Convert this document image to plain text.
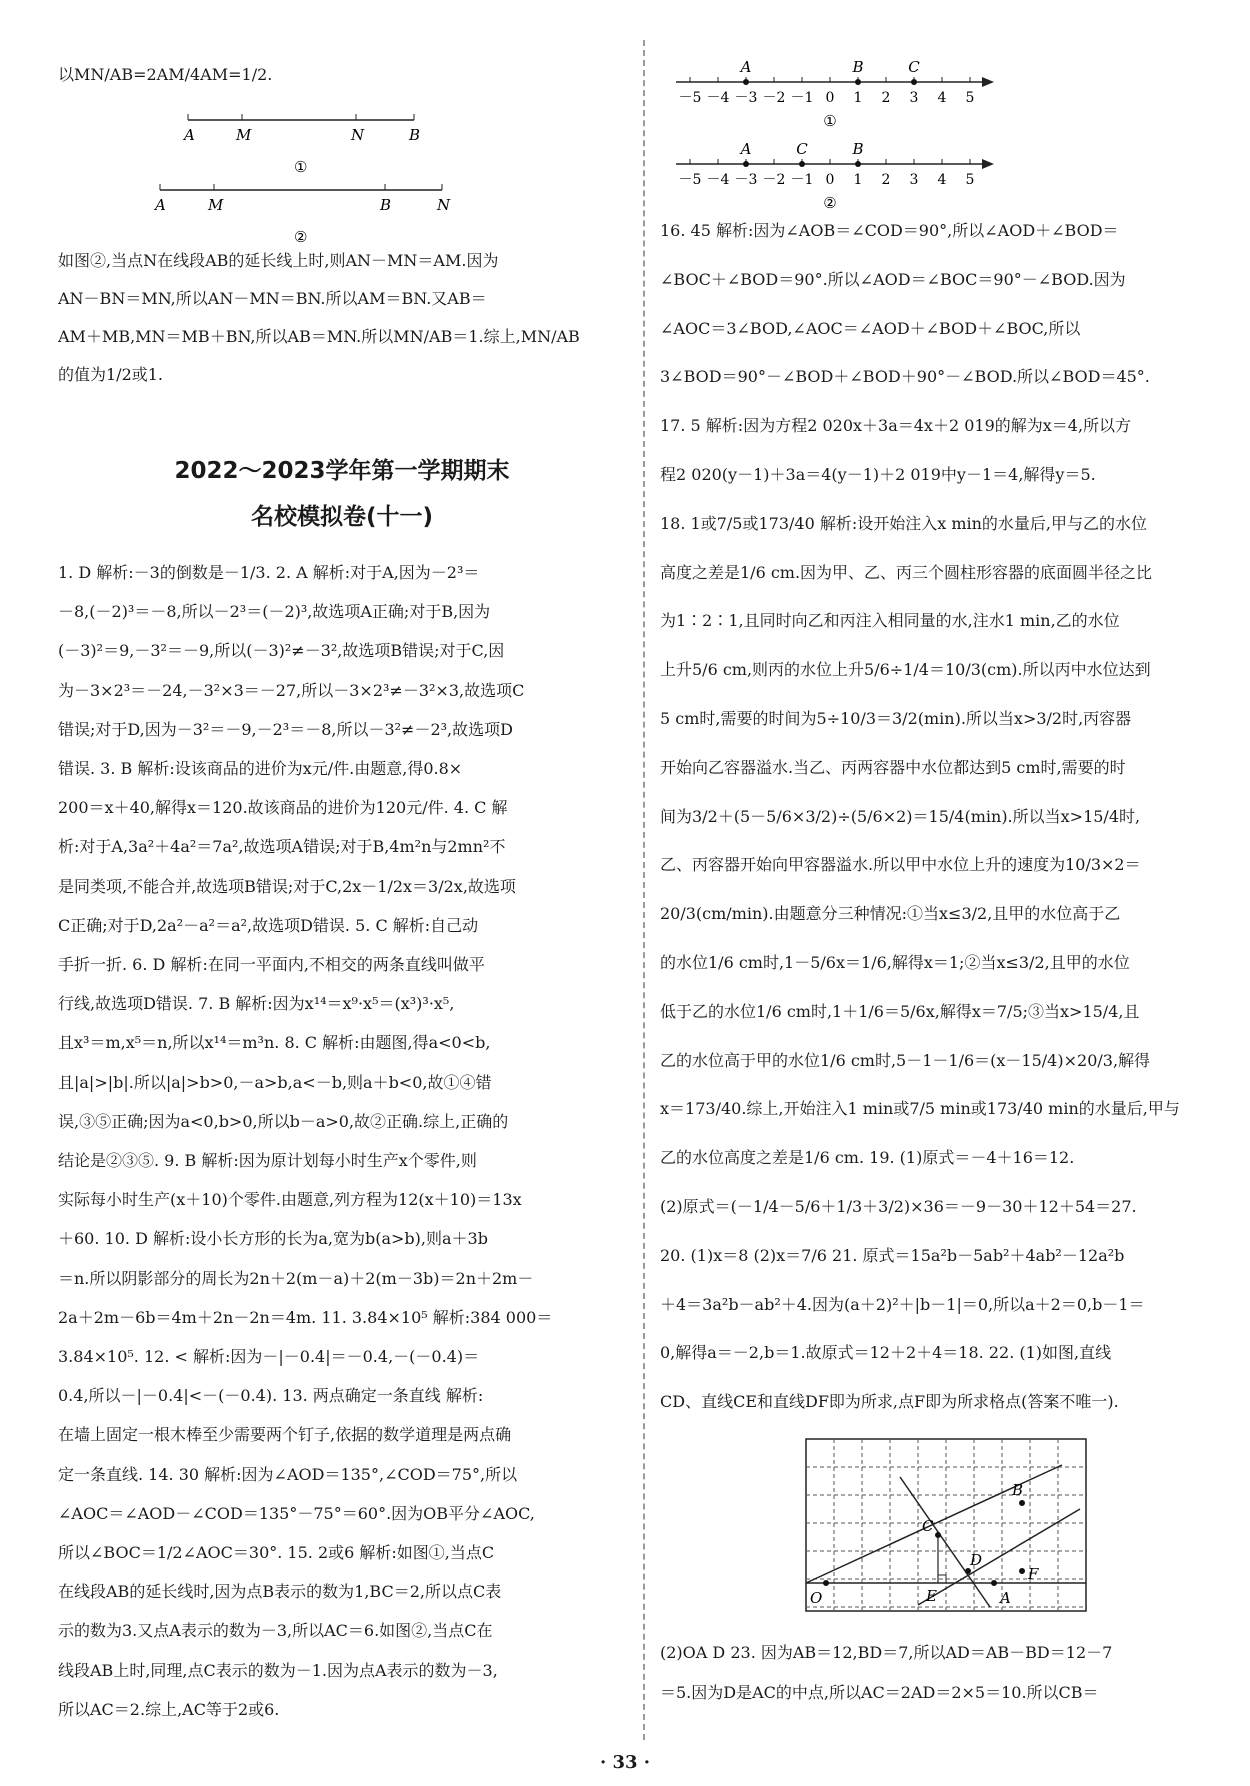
以MN/AB=2AM/4AM=1/2.
A	M	N	B
①
A	M	B	N
②
如图②,当点N在线段AB的延长线上时,则AN－MN＝AM.因为
AN－BN＝MN,所以AN－MN＝BN.所以AM＝BN.又AB＝
AM＋MB,MN＝MB＋BN,所以AB＝MN.所以MN/AB＝1.综上,MN/AB
的值为1/2或1.
2022～2023学年第一学期期末
名校模拟卷(十一)
1. D 解析:－3的倒数是－1/3. 2. A 解析:对于A,因为－2³＝
－8,(－2)³＝－8,所以－2³＝(－2)³,故选项A正确;对于B,因为
(－3)²＝9,－3²＝－9,所以(－3)²≠－3²,故选项B错误;对于C,因
为－3×2³＝－24,－3²×3＝－27,所以－3×2³≠－3²×3,故选项C
错误;对于D,因为－3²＝－9,－2³＝－8,所以－3²≠－2³,故选项D
错误. 3. B 解析:设该商品的进价为x元/件.由题意,得0.8×
200＝x＋40,解得x＝120.故该商品的进价为120元/件. 4. C 解
析:对于A,3a²＋4a²＝7a²,故选项A错误;对于B,4m²n与2mn²不
是同类项,不能合并,故选项B错误;对于C,2x－1/2x＝3/2x,故选项
C正确;对于D,2a²－a²＝a²,故选项D错误. 5. C 解析:自己动
手折一折. 6. D 解析:在同一平面内,不相交的两条直线叫做平
行线,故选项D错误. 7. B 解析:因为x¹⁴＝x⁹·x⁵＝(x³)³·x⁵,
且x³＝m,x⁵＝n,所以x¹⁴＝m³n. 8. C 解析:由题图,得a<0<b,
且|a|>|b|.所以|a|>b>0,－a>b,a<－b,则a＋b<0,故①④错
误,③⑤正确;因为a<0,b>0,所以b－a>0,故②正确.综上,正确的
结论是②③⑤. 9. B 解析:因为原计划每小时生产x个零件,则
实际每小时生产(x＋10)个零件.由题意,列方程为12(x＋10)＝13x
＋60. 10. D 解析:设小长方形的长为a,宽为b(a>b),则a＋3b
＝n.所以阴影部分的周长为2n＋2(m－a)＋2(m－3b)＝2n＋2m－
2a＋2m－6b＝4m＋2n－2n＝4m. 11. 3.84×10⁵ 解析:384 000＝
3.84×10⁵. 12. < 解析:因为－|－0.4|＝－0.4,－(－0.4)＝
0.4,所以－|－0.4|<－(－0.4). 13. 两点确定一条直线 解析:
在墙上固定一根木棒至少需要两个钉子,依据的数学道理是两点确
定一条直线. 14. 30 解析:因为∠AOD＝135°,∠COD＝75°,所以
∠AOC＝∠AOD－∠COD＝135°－75°＝60°.因为OB平分∠AOC,
所以∠BOC＝1/2∠AOC＝30°. 15. 2或6 解析:如图①,当点C
在线段AB的延长线时,因为点B表示的数为1,BC＝2,所以点C表
示的数为3.又点A表示的数为－3,所以AC＝6.如图②,当点C在
线段AB上时,同理,点C表示的数为－1.因为点A表示的数为－3,
所以AC＝2.综上,AC等于2或6.
－5 －4 －3 －2 －1 0 1 2 3 4 5
A	B	C
①
－5 －4 －3 －2 －1 0 1 2 3 4 5
A	C	B
②
16. 45 解析:因为∠AOB＝∠COD＝90°,所以∠AOD＋∠BOD＝
∠BOC＋∠BOD＝90°.所以∠AOD＝∠BOC＝90°－∠BOD.因为
∠AOC＝3∠BOD,∠AOC＝∠AOD＋∠BOD＋∠BOC,所以
3∠BOD＝90°－∠BOD＋∠BOD＋90°－∠BOD.所以∠BOD＝45°.
17. 5 解析:因为方程2 020x＋3a＝4x＋2 019的解为x＝4,所以方
程2 020(y－1)＋3a＝4(y－1)＋2 019中y－1＝4,解得y＝5.
18. 1或7/5或173/40 解析:设开始注入x min的水量后,甲与乙的水位
高度之差是1/6 cm.因为甲、乙、丙三个圆柱形容器的底面圆半径之比
为1∶2∶1,且同时向乙和丙注入相同量的水,注水1 min,乙的水位
上升5/6 cm,则丙的水位上升5/6÷1/4＝10/3(cm).所以丙中水位达到
5 cm时,需要的时间为5÷10/3＝3/2(min).所以当x>3/2时,丙容器
开始向乙容器溢水.当乙、丙两容器中水位都达到5 cm时,需要的时
间为3/2＋(5－5/6×3/2)÷(5/6×2)＝15/4(min).所以当x>15/4时,
乙、丙容器开始向甲容器溢水.所以甲中水位上升的速度为10/3×2＝
20/3(cm/min).由题意分三种情况:①当x≤3/2,且甲的水位高于乙
的水位1/6 cm时,1－5/6x＝1/6,解得x＝1;②当x≤3/2,且甲的水位
低于乙的水位1/6 cm时,1＋1/6＝5/6x,解得x＝7/5;③当x>15/4,且
乙的水位高于甲的水位1/6 cm时,5－1－1/6＝(x－15/4)×20/3,解得
x＝173/40.综上,开始注入1 min或7/5 min或173/40 min的水量后,甲与
乙的水位高度之差是1/6 cm. 19. (1)原式＝－4＋16＝12.
(2)原式＝(－1/4－5/6＋1/3＋3/2)×36＝－9－30＋12＋54＝27.
20. (1)x＝8 (2)x＝7/6 21. 原式＝15a²b－5ab²＋4ab²－12a²b
＋4＝3a²b－ab²＋4.因为(a＋2)²＋|b－1|＝0,所以a＋2＝0,b－1＝
0,解得a＝－2,b＝1.故原式＝12＋2＋4＝18. 22. (1)如图,直线
CD、直线CE和直线DF即为所求,点F即为所求格点(答案不唯一).
B
C
D
F
O	E	A
(2)OA D 23. 因为AB＝12,BD＝7,所以AD＝AB－BD＝12－7
＝5.因为D是AC的中点,所以AC＝2AD＝2×5＝10.所以CB＝
· 33 ·
